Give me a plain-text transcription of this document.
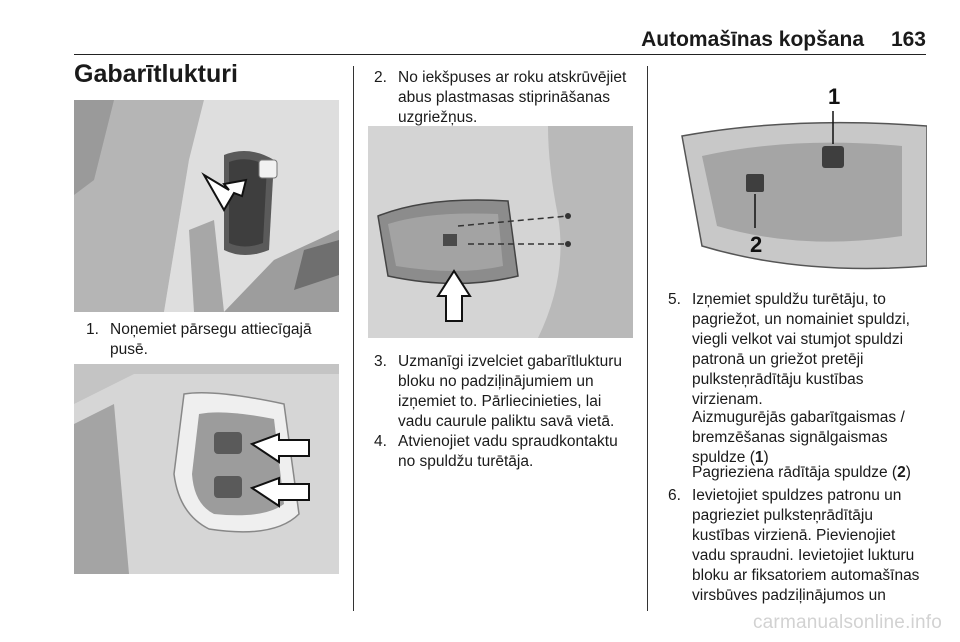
Automašīnas kopšana 163
Gabarītlukturi
1. Noņemiet pārsegu attiecīgajā
pusē.
2. No iekšpuses ar roku atskrūvējiet
abus plastmasas stiprināšanas
uzgriežņus.
3. Uzmanīgi izvelciet gabarītlukturu
bloku no padziļinājumiem un
izņemiet to. Pārliecinieties, lai
vadu caurule paliktu savā vietā.
4. Atvienojiet vadu spraudkontaktu
no spuldžu turētāja.
1
2
5. Izņemiet spuldžu turētāju, to
pagriežot, un nomainiet spuldzi,
viegli velkot vai stumjot spuldzi
patronā un griežot pretēji
pulksteņrādītāju kustības
virzienam.
Aizmugurējās gabarītgaismas /
bremzēšanas signālgaismas
spuldze (1)
Pagrieziena rādītāja spuldze (2)
6. Ievietojiet spuldzes patronu un
pagrieziet pulksteņrādītāju
kustības virzienā. Pievienojiet
vadu spraudni. Ievietojiet lukturu
bloku ar fiksatoriem automašīnas
virsbūves padziļinājumos un
carmanualsonline.info
